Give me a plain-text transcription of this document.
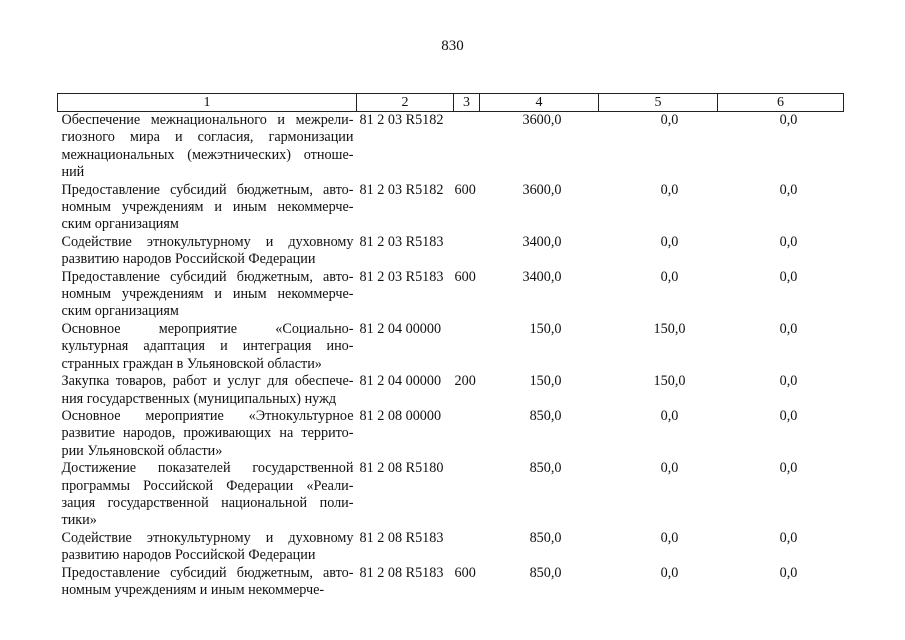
830
1	2	3	4	5	6

Обеспечение межнационального и межрели-
гиозного мира и согласия, гармонизации
межнациональных (межэтнических) отноше-
ний	81 2 03 R5182		3600,0	0,0	0,0

Предоставление субсидий бюджетным, авто-
номным учреждениям и иным некоммерче-
ским организациям	81 2 03 R5182	600	3600,0	0,0	0,0

Содействие этнокультурному и духовному
развитию народов Российской Федерации	81 2 03 R5183		3400,0	0,0	0,0

Предоставление субсидий бюджетным, авто-
номным учреждениям и иным некоммерче-
ским организациям	81 2 03 R5183	600	3400,0	0,0	0,0

Основное мероприятие «Социально-
культурная адаптация и интеграция ино-
странных граждан в Ульяновской области»	81 2 04 00000		150,0	150,0	0,0

Закупка товаров, работ и услуг для обеспече-
ния государственных (муниципальных) нужд	81 2 04 00000	200	150,0	150,0	0,0

Основное мероприятие «Этнокультурное
развитие народов, проживающих на террито-
рии Ульяновской области»	81 2 08 00000		850,0	0,0	0,0

Достижение показателей государственной
программы Российской Федерации «Реали-
зация государственной национальной поли-
тики»	81 2 08 R5180		850,0	0,0	0,0

Содействие этнокультурному и духовному
развитию народов Российской Федерации	81 2 08 R5183		850,0	0,0	0,0

Предоставление субсидий бюджетным, авто-
номным учреждениям и иным некоммерче-	81 2 08 R5183	600	850,0	0,0	0,0
